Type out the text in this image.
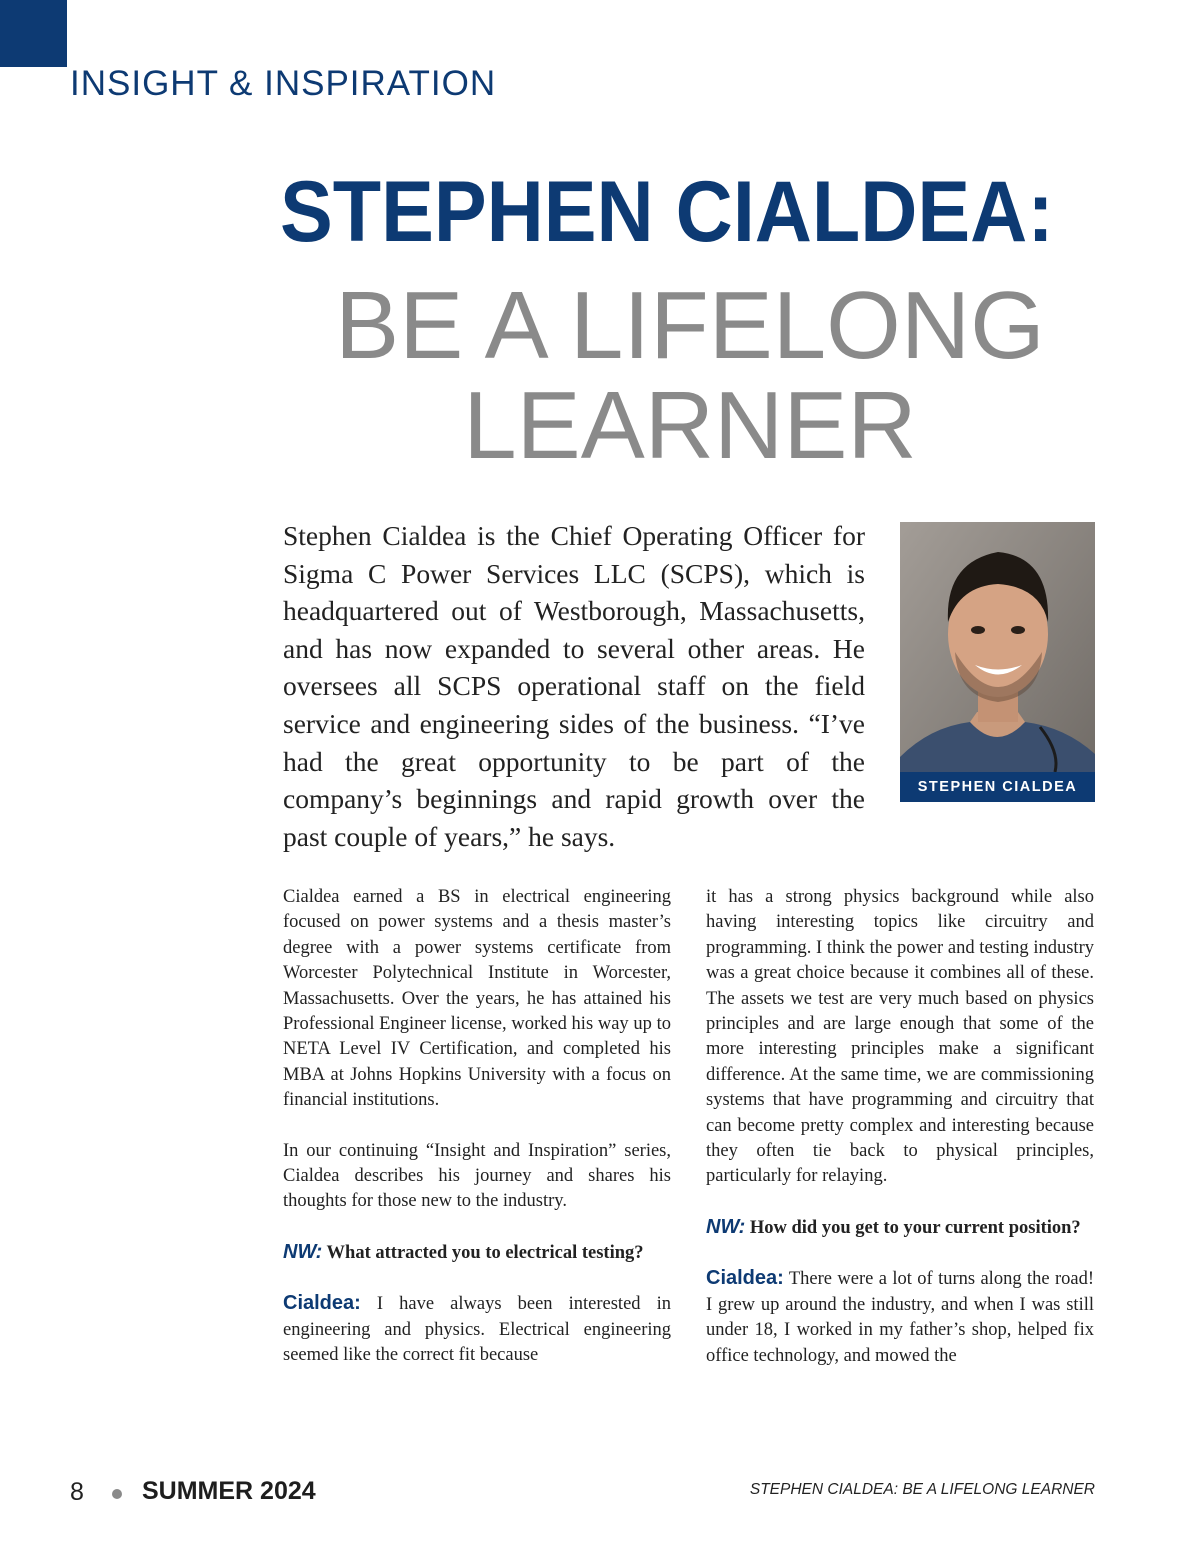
INSIGHT & INSPIRATION
STEPHEN CIALDEA:
BE A LIFELONG
LEARNER

Stephen Cialdea is the Chief Operating Officer for Sigma C Power Services LLC (SCPS), which is headquartered out of Westborough, Massachusetts, and has now expanded to several other areas. He oversees all SCPS operational staff on the field service and engineering sides of the business. “I’ve had the great opportunity to be part of the company’s beginnings and rapid growth over the past couple of years,” he says.

STEPHEN CIALDEA

Cialdea earned a BS in electrical engineering focused on power systems and a thesis master’s degree with a power systems certificate from Worcester Polytechnical Institute in Worcester, Massachusetts. Over the years, he has attained his Professional Engineer license, worked his way up to NETA Level IV Certification, and completed his MBA at Johns Hopkins University with a focus on financial institutions.

In our continuing “Insight and Inspiration” series, Cialdea describes his journey and shares his thoughts for those new to the industry.

NW: What attracted you to electrical testing?

Cialdea: I have always been interested in engineering and physics. Electrical engineering seemed like the correct fit because

it has a strong physics background while also having interesting topics like circuitry and programming. I think the power and testing industry was a great choice because it combines all of these. The assets we test are very much based on physics principles and are large enough that some of the more interesting principles make a significant difference. At the same time, we are commissioning systems that have programming and circuitry that can become pretty complex and interesting because they often tie back to physical principles, particularly for relaying.

NW: How did you get to your current position?

Cialdea: There were a lot of turns along the road! I grew up around the industry, and when I was still under 18, I worked in my father’s shop, helped fix office technology, and mowed the

8 SUMMER 2024	STEPHEN CIALDEA: BE A LIFELONG LEARNER
